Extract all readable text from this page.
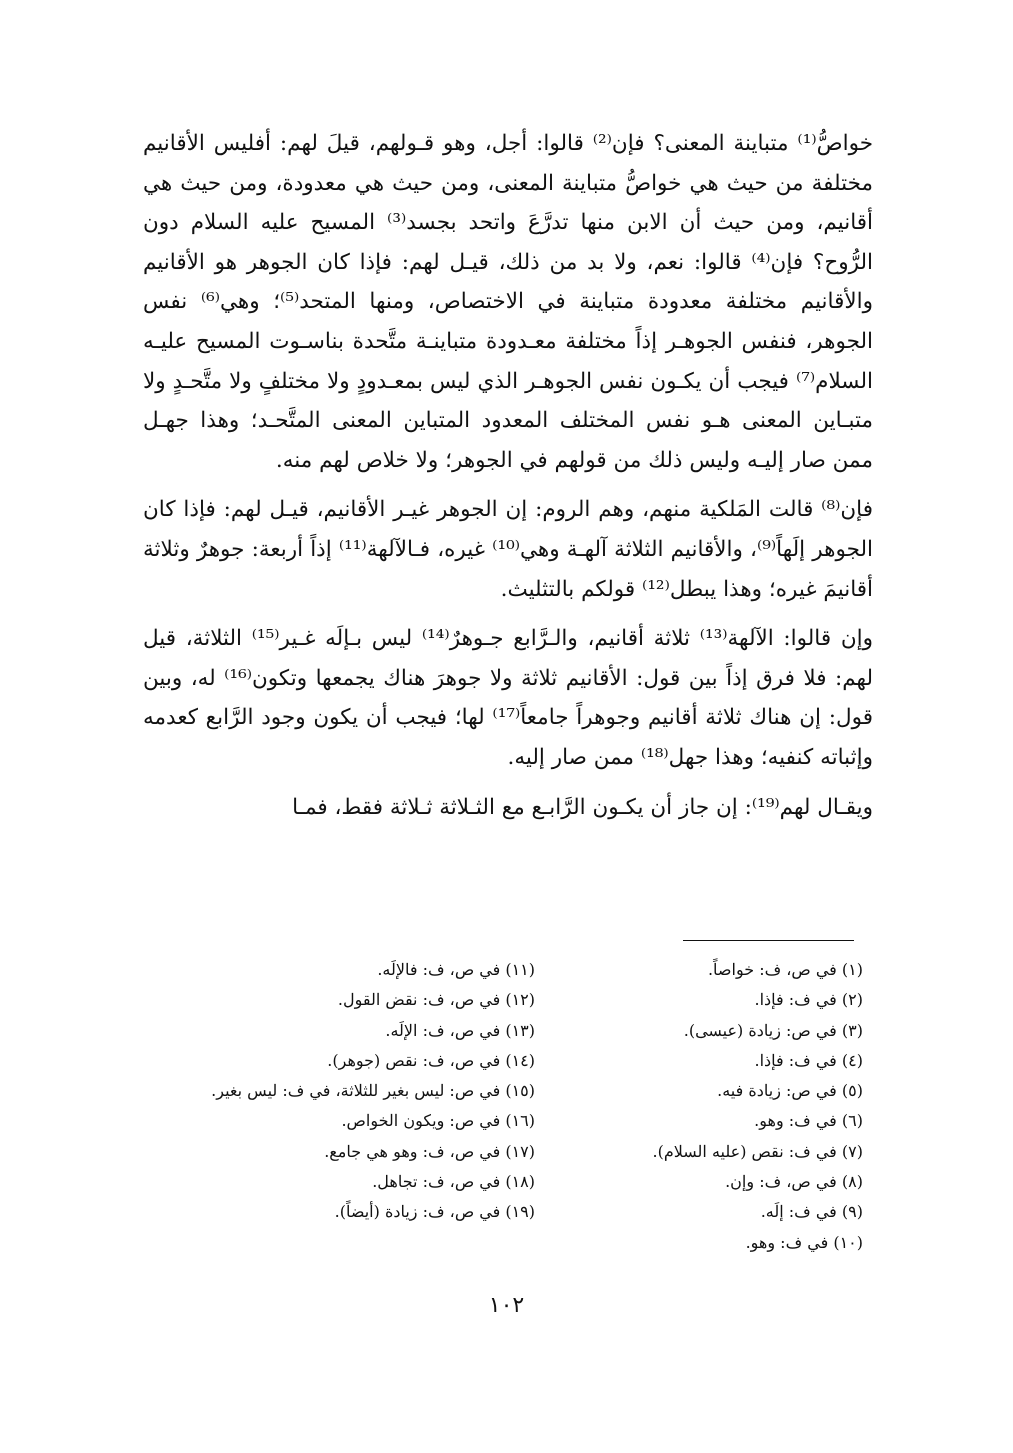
خواصُّ⁽¹⁾ متباينة المعنى؟ فإن⁽²⁾ قالوا: أجل، وهو قـولهم، قيلَ لهم: أفليس الأقانيم مختلفة من حيث هي خواصُّ متباينة المعنى، ومن حيث هي معدودة، ومن حيث هي أقانيم، ومن حيث أن الابن منها تدرَّعَ واتحد بجسد⁽³⁾ المسيح عليه السلام دون الرُّوح؟ فإن⁽⁴⁾ قالوا: نعم، ولا بد من ذلك، قيـل لهم: فإذا كان الجوهر هو الأقانيم والأقانيم مختلفة معدودة متباينة في الاختصاص، ومنها المتحد⁽⁵⁾؛ وهي⁽⁶⁾ نفس الجوهر، فنفس الجوهـر إذاً مختلفة معـدودة متباينـة متَّحدة بناسـوت المسيح عليـه السلام⁽⁷⁾ فيجب أن يكـون نفس الجوهـر الذي ليس بمعـدودٍ ولا مختلفٍ ولا متَّحـدٍ ولا متبـاين المعنى هـو نفس المختلف المعدود المتباين المعنى المتَّحـد؛ وهذا جهـل ممن صار إليـه وليس ذلك من قولهم في الجوهر؛ ولا خلاص لهم منه.

فإن⁽⁸⁾ قالت المَلكية منهم، وهم الروم: إن الجوهر غيـر الأقانيم، قيـل لهم: فإذا كان الجوهر إلَهاً⁽⁹⁾، والأقانيم الثلاثة آلهـة وهي⁽¹⁰⁾ غيره، فـالآلهة⁽¹¹⁾ إذاً أربعة: جوهرٌ وثلاثة أقانيمَ غيره؛ وهذا يبطل⁽¹²⁾ قولكم بالتثليث.

وإن قالوا: الآلهة⁽¹³⁾ ثلاثة أقانيم، والـرَّابع جـوهرٌ⁽¹⁴⁾ ليس بـإلَه غـير⁽¹⁵⁾ الثلاثة، قيل لهم: فلا فرق إذاً بين قول: الأقانيم ثلاثة ولا جوهرَ هناك يجمعها وتكون⁽¹⁶⁾ له، وبين قول: إن هناك ثلاثة أقانيم وجوهراً جامعاً⁽¹⁷⁾ لها؛ فيجب أن يكون وجود الرَّابع كعدمه وإثباته كنفيه؛ وهذا جهل⁽¹⁸⁾ ممن صار إليه.

ويقـال لهم⁽¹⁹⁾: إن جاز أن يكـون الرَّابـع مع الثـلاثة ثـلاثة فقط، فمـا

(١) في ص، ف: خواصاً.
(٢) في ف: فإذا.
(٣) في ص: زيادة (عيسى).
(٤) في ف: فإذا.
(٥) في ص: زيادة فيه.
(٦) في ف: وهو.
(٧) في ف: نقص (عليه السلام).
(٨) في ص، ف: وإن.
(٩) في ف: إلَه.
(١٠) في ف: وهو.
(١١) في ص، ف: فالإلَه.
(١٢) في ص، ف: نقض القول.
(١٣) في ص، ف: الإلَه.
(١٤) في ص، ف: نقص (جوهر).
(١٥) في ص: ليس بغير للثلاثة، في ف: ليس بغير.
(١٦) في ص: ويكون الخواص.
(١٧) في ص، ف: وهو هي جامع.
(١٨) في ص، ف: تجاهل.
(١٩) في ص، ف: زيادة (أيضاً).
١٠٢
